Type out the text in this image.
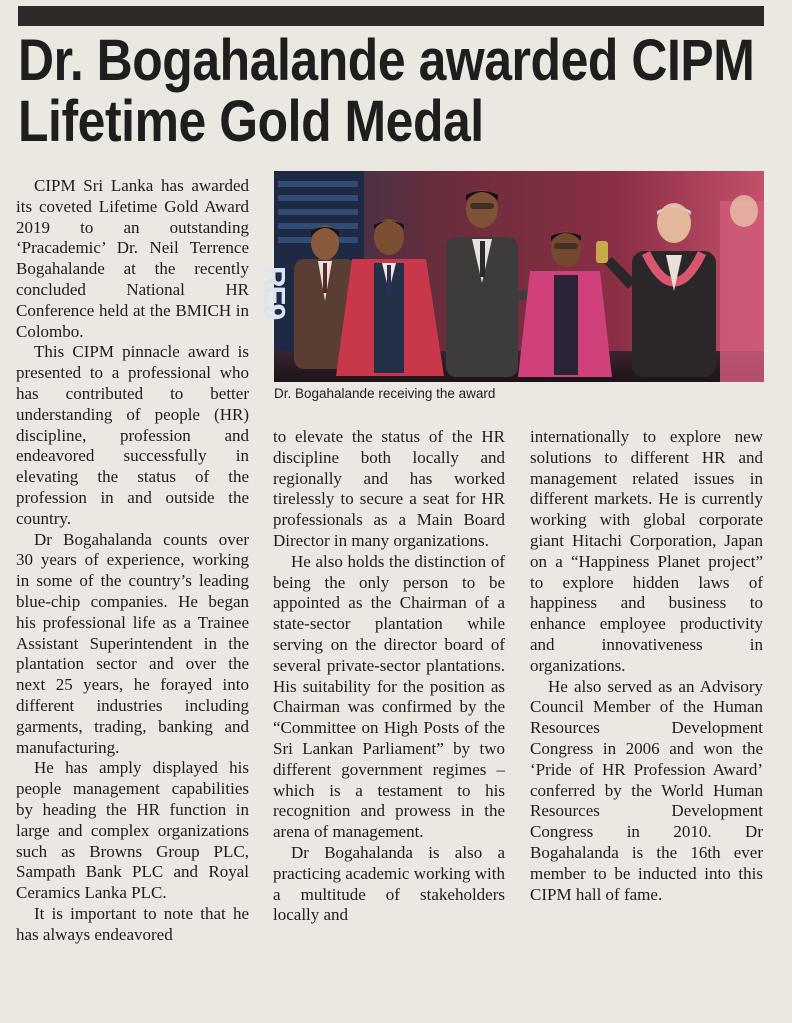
Dr. Bogahalande awarded CIPM
Lifetime Gold Medal
RE9
Dr. Bogahalande receiving the award

CIPM Sri Lanka has awarded its coveted Lifetime Gold Award 2019 to an outstanding ‘Pracademic’ Dr. Neil Terrence Bogahalande at the recently concluded National HR Conference held at the BMICH in Colombo.

This CIPM pinnacle award is presented to a professional who has contributed to better understanding of people (HR) discipline, profession and endeavored successfully in elevating the status of the profession in and outside the country.

Dr Bogahalanda counts over 30 years of experience, working in some of the country’s leading blue-chip companies. He began his professional life as a Trainee Assistant Superintendent in the plantation sector and over the next 25 years, he forayed into different industries including garments, trading, banking and manufacturing.

He has amply displayed his people management capabilities by heading the HR function in large and complex organizations such as Browns Group PLC, Sampath Bank PLC and Royal Ceramics Lanka PLC.

It is important to note that he has always endeavored

to elevate the status of the HR discipline both locally and regionally and has worked tirelessly to secure a seat for HR professionals as a Main Board Director in many organizations.

He also holds the distinction of being the only person to be appointed as the Chairman of a state-sector plantation while serving on the director board of several private-sector plantations. His suitability for the position as Chairman was confirmed by the “Committee on High Posts of the Sri Lankan Parliament” by two different government regimes – which is a testament to his recognition and prowess in the arena of management.

Dr Bogahalanda is also a practicing academic working with a multitude of stakeholders locally and

internationally to explore new solutions to different HR and management related issues in different markets. He is currently working with global corporate giant Hitachi Corporation, Japan on a “Happiness Planet project” to explore hidden laws of happiness and business to enhance employee productivity and innovativeness in organizations.

He also served as an Advisory Council Member of the Human Resources Development Congress in 2006 and won the ‘Pride of HR Profession Award’ conferred by the World Human Resources Development Congress in 2010. Dr Bogahalanda is the 16th ever member to be inducted into this CIPM hall of fame.
